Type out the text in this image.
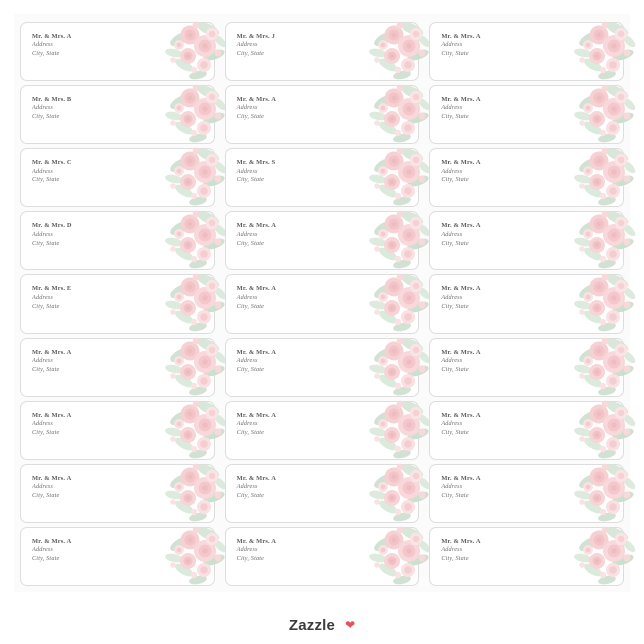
Mr. & Mrs. A
Address
City, State
Mr. & Mrs. J
Address
City, State
Mr. & Mrs. A
Address
City, State
Mr. & Mrs. B
Address
City, State
Mr. & Mrs. A
Address
City, State
Mr. & Mrs. A
Address
City, State
Mr. & Mrs. C
Address
City, State
Mr. & Mrs. S
Address
City, State
Mr. & Mrs. A
Address
City, State
Mr. & Mrs. D
Address
City, State
Mr. & Mrs. A
Address
City, State
Mr. & Mrs. A
Address
City, State
Mr. & Mrs. E
Address
City, State
Mr. & Mrs. A
Address
City, State
Mr. & Mrs. A
Address
City, State
Mr. & Mrs. A
Address
City, State
Mr. & Mrs. A
Address
City, State
Mr. & Mrs. A
Address
City, State
Mr. & Mrs. A
Address
City, State
Mr. & Mrs. A
Address
City, State
Mr. & Mrs. A
Address
City, State
Mr. & Mrs. A
Address
City, State
Mr. & Mrs. A
Address
City, State
Mr. & Mrs. A
Address
City, State
Mr. & Mrs. A
Address
City, State
Mr. & Mrs. A
Address
City, State
Mr. & Mrs. A
Address
City, State
Zazzle ❤
